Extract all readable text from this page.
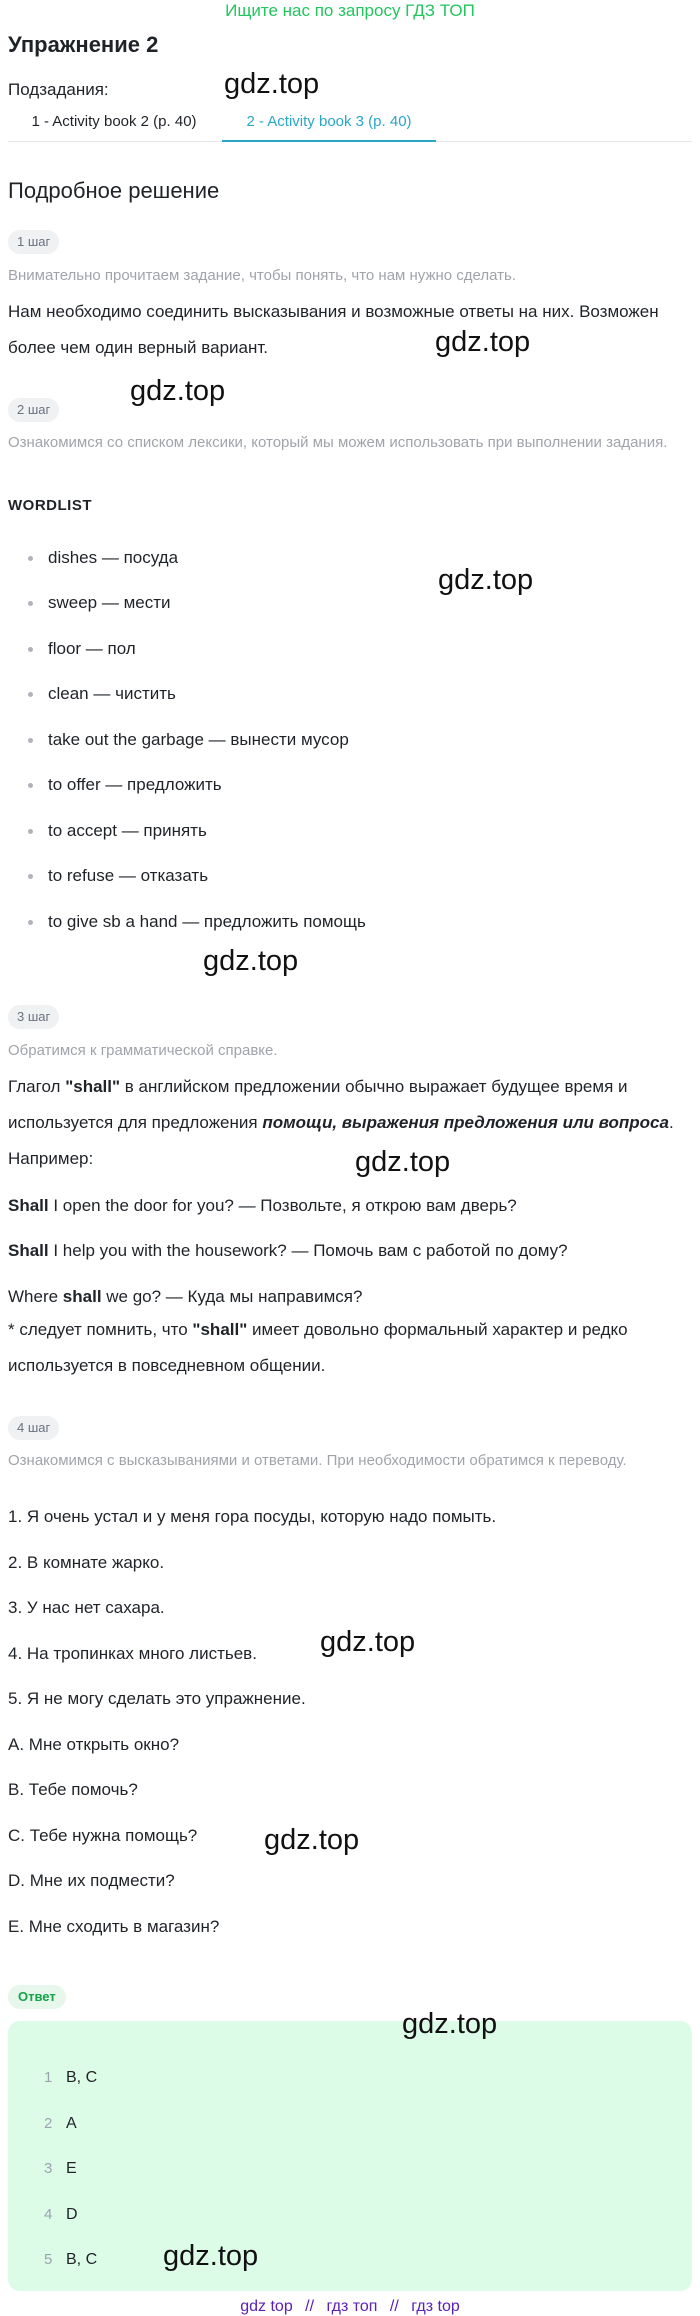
Ищите нас по запросу ГДЗ ТОП
Упражнение 2
Подзадания:
1 - Activity book 2 (p. 40)	2 - Activity book 3 (p. 40)
Подробное решение
1 шаг
Внимательно прочитаем задание, чтобы понять, что нам нужно сделать.
Нам необходимо соединить высказывания и возможные ответы на них. Возможен более чем один верный вариант.
2 шаг
Ознакомимся со списком лексики, который мы можем использовать при выполнении задания.
WORDLIST
dishes — посуда
sweep — мести
floor — пол
clean — чистить
take out the garbage — вынести мусор
to offer — предложить
to accept — принять
to refuse — отказать
to give sb a hand — предложить помощь
3 шаг
Обратимся к грамматической справке.
Глагол "shall" в английском предложении обычно выражает будущее время и используется для предложения помощи, выражения предложения или вопроса. Например:
Shall I open the door for you? — Позвольте, я открою вам дверь?
Shall I help you with the housework? — Помочь вам с работой по дому?
Where shall we go? — Куда мы направимся?
* следует помнить, что "shall" имеет довольно формальный характер и редко используется в повседневном общении.
4 шаг
Ознакомимся с высказываниями и ответами. При необходимости обратимся к переводу.
1. Я очень устал и у меня гора посуды, которую надо помыть.
2. В комнате жарко.
3. У нас нет сахара.
4. На тропинках много листьев.
5. Я не могу сделать это упражнение.
A. Мне открыть окно?
B. Тебе помочь?
C. Тебе нужна помощь?
D. Мне их подмести?
E. Мне сходить в магазин?
Ответ
1 B, C
2 A
3 E
4 D
5 B, C
gdz.top
gdz.top
gdz.top
gdz.top
gdz.top
gdz.top
gdz.top
gdz.top
gdz.top
gdz.top
gdz top // гдз топ // гдз top
